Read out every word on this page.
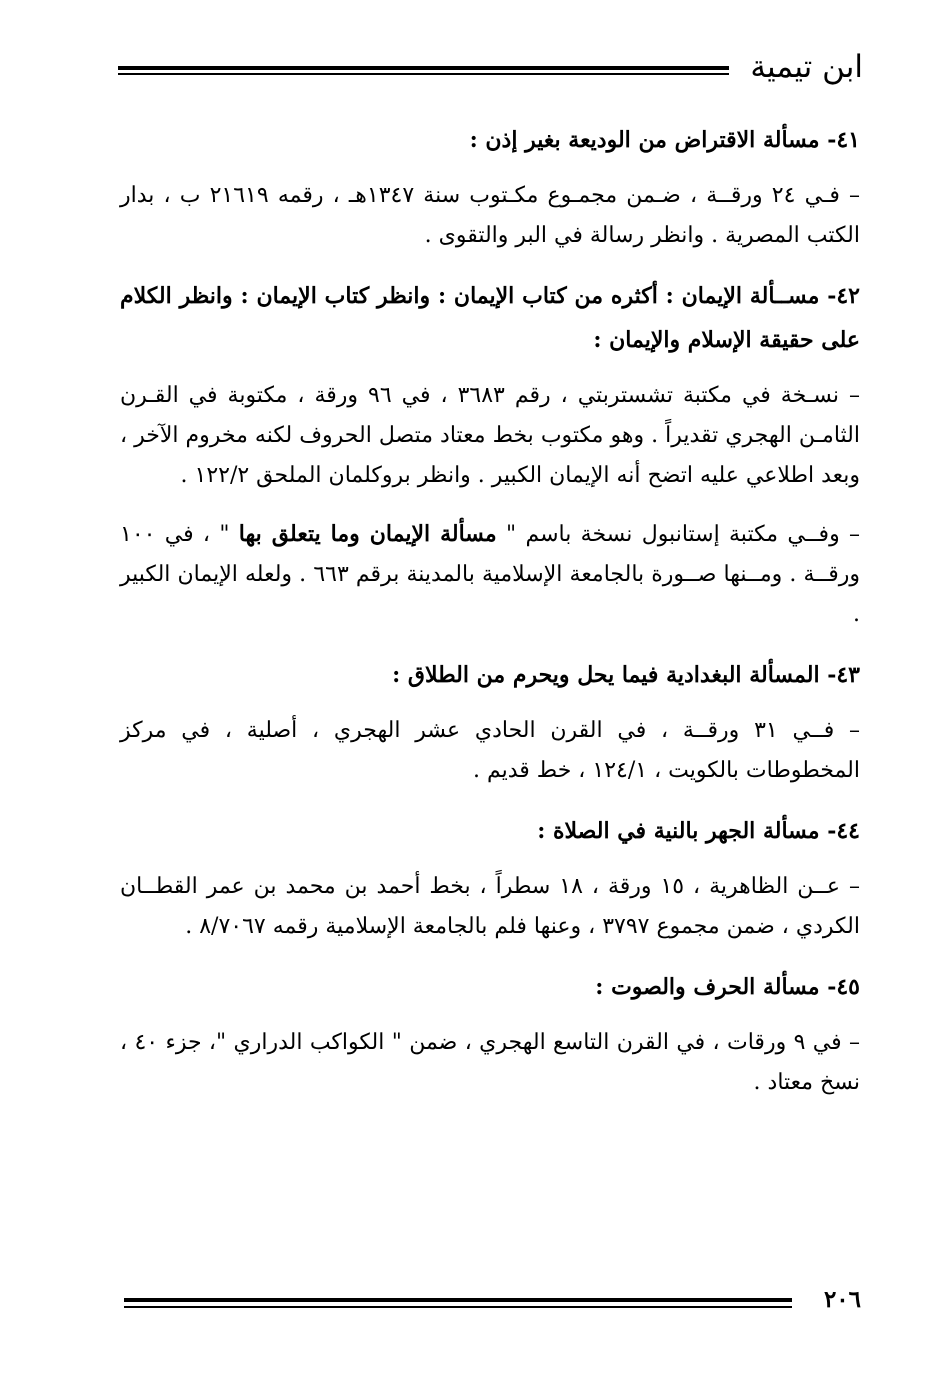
ابن تيمية
٤١- مسألة الاقتراض من الوديعة بغير إذن :

– فـي ٢٤ ورقــة ، ضـمن مجمـوع مكـتوب سنة ١٣٤٧هـ ، رقمه ٢١٦١٩ ب ، بدار الكتب المصرية . وانظر رسالة في البر والتقوى .

٤٢- مســألة الإيمان : أكثره من كتاب الإيمان : وانظر كتاب الإيمان : وانظر الكلام على حقيقة الإسلام والإيمان :

– نسـخة في مكتبة تشستربتي ، رقم ٣٦٨٣ ، في ٩٦ ورقة ، مكتوبة في القـرن الثامـن الهجري تقديراً . وهو مكتوب بخط معتاد متصل الحروف لكنه مخروم الآخر ، وبعد اطلاعي عليه اتضح أنه الإيمان الكبير . وانظر بروكلمان الملحق ١٢٢/٢ .

– وفــي مكتبة إستانبول نسخة باسم " مسألة الإيمان وما يتعلق بها " ، في ١٠٠ ورقــة . ومــنها صــورة بالجامعة الإسلامية بالمدينة برقم ٦٦٣ . ولعله الإيمان الكبير .

٤٣- المسألة البغدادية فيما يحل ويحرم من الطلاق :

– فــي ٣١ ورقــة ، في القرن الحادي عشر الهجري ، أصلية ، في مركز المخطوطات بالكويت ، ١٢٤/١ ، خط قديم .

٤٤- مسألة الجهر بالنية في الصلاة :

– عــن الظاهرية ، ١٥ ورقة ، ١٨ سطراً ، بخط أحمد بن محمد بن عمر القطــان الكردي ، ضمن مجموع ٣٧٩٧ ، وعنها فلم بالجامعة الإسلامية رقمه ٨/٧٠٦٧ .

٤٥- مسألة الحرف والصوت :

– في ٩ ورقات ، في القرن التاسع الهجري ، ضمن " الكواكب الدراري "، جزء ٤٠ ، نسخ معتاد .

٢٠٦
